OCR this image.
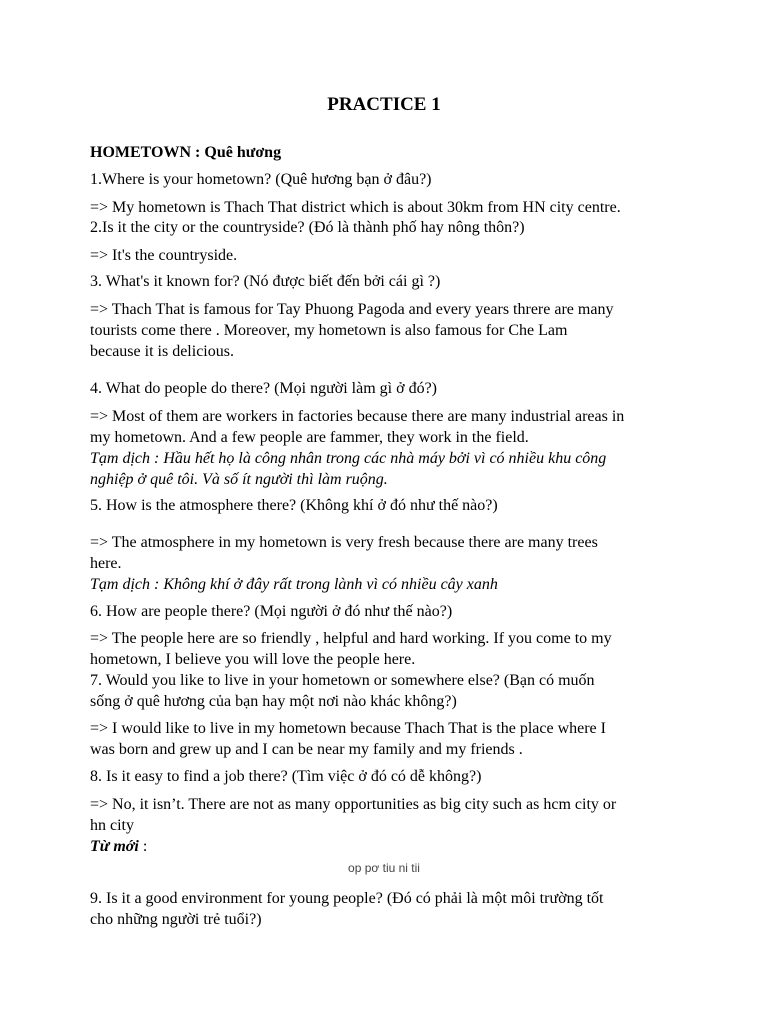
PRACTICE 1

HOMETOWN : Quê hương

1.Where is your hometown? (Quê hương bạn ở đâu?)

=> My hometown is Thach That district which is about 30km from HN city centre.

2.Is it the city or the countryside? (Đó là thành phố hay nông thôn?)

=> It's the countryside.

3. What's it known for? (Nó được biết đến bởi cái gì ?)

=> Thach That is famous for Tay Phuong Pagoda and every years threre are many

tourists come there . Moreover, my hometown is also famous for Che Lam

because it is delicious.

4. What do people do there? (Mọi người làm gì ở đó?)

=> Most of them are workers in factories because there are many industrial areas in

my hometown. And a few people are fammer, they work in the field.

Tạm dịch : Hầu hết họ là công nhân trong các nhà máy bởi vì có nhiều khu công

nghiệp ở quê tôi. Và số ít người thì làm ruộng.

5. How is the atmosphere there? (Không khí ở đó như thế nào?)

=> The atmosphere in my hometown is very fresh because there are many trees

here.

Tạm dịch : Không khí ở đây rất trong lành vì có nhiều cây xanh

6. How are people there? (Mọi người ở đó như thế nào?)

=> The people here are so friendly , helpful and hard working. If you come to my

hometown, I believe you will love the people here.

7. Would you like to live in your hometown or somewhere else? (Bạn có muốn

sống ở quê hương của bạn hay một nơi nào khác không?)

=> I would like to live in my hometown because Thach That is the place where I

was born and grew up and I can be near my family and my friends .

8. Is it easy to find a job there? (Tìm việc ở đó có dễ không?)

=> No, it isn’t. There are not as many opportunities as big city such as hcm city or

hn city

Từ mới :

op pơ tiu ni tii

9. Is it a good environment for young people? (Đó có phải là một môi trường tốt

cho những người trẻ tuổi?)
